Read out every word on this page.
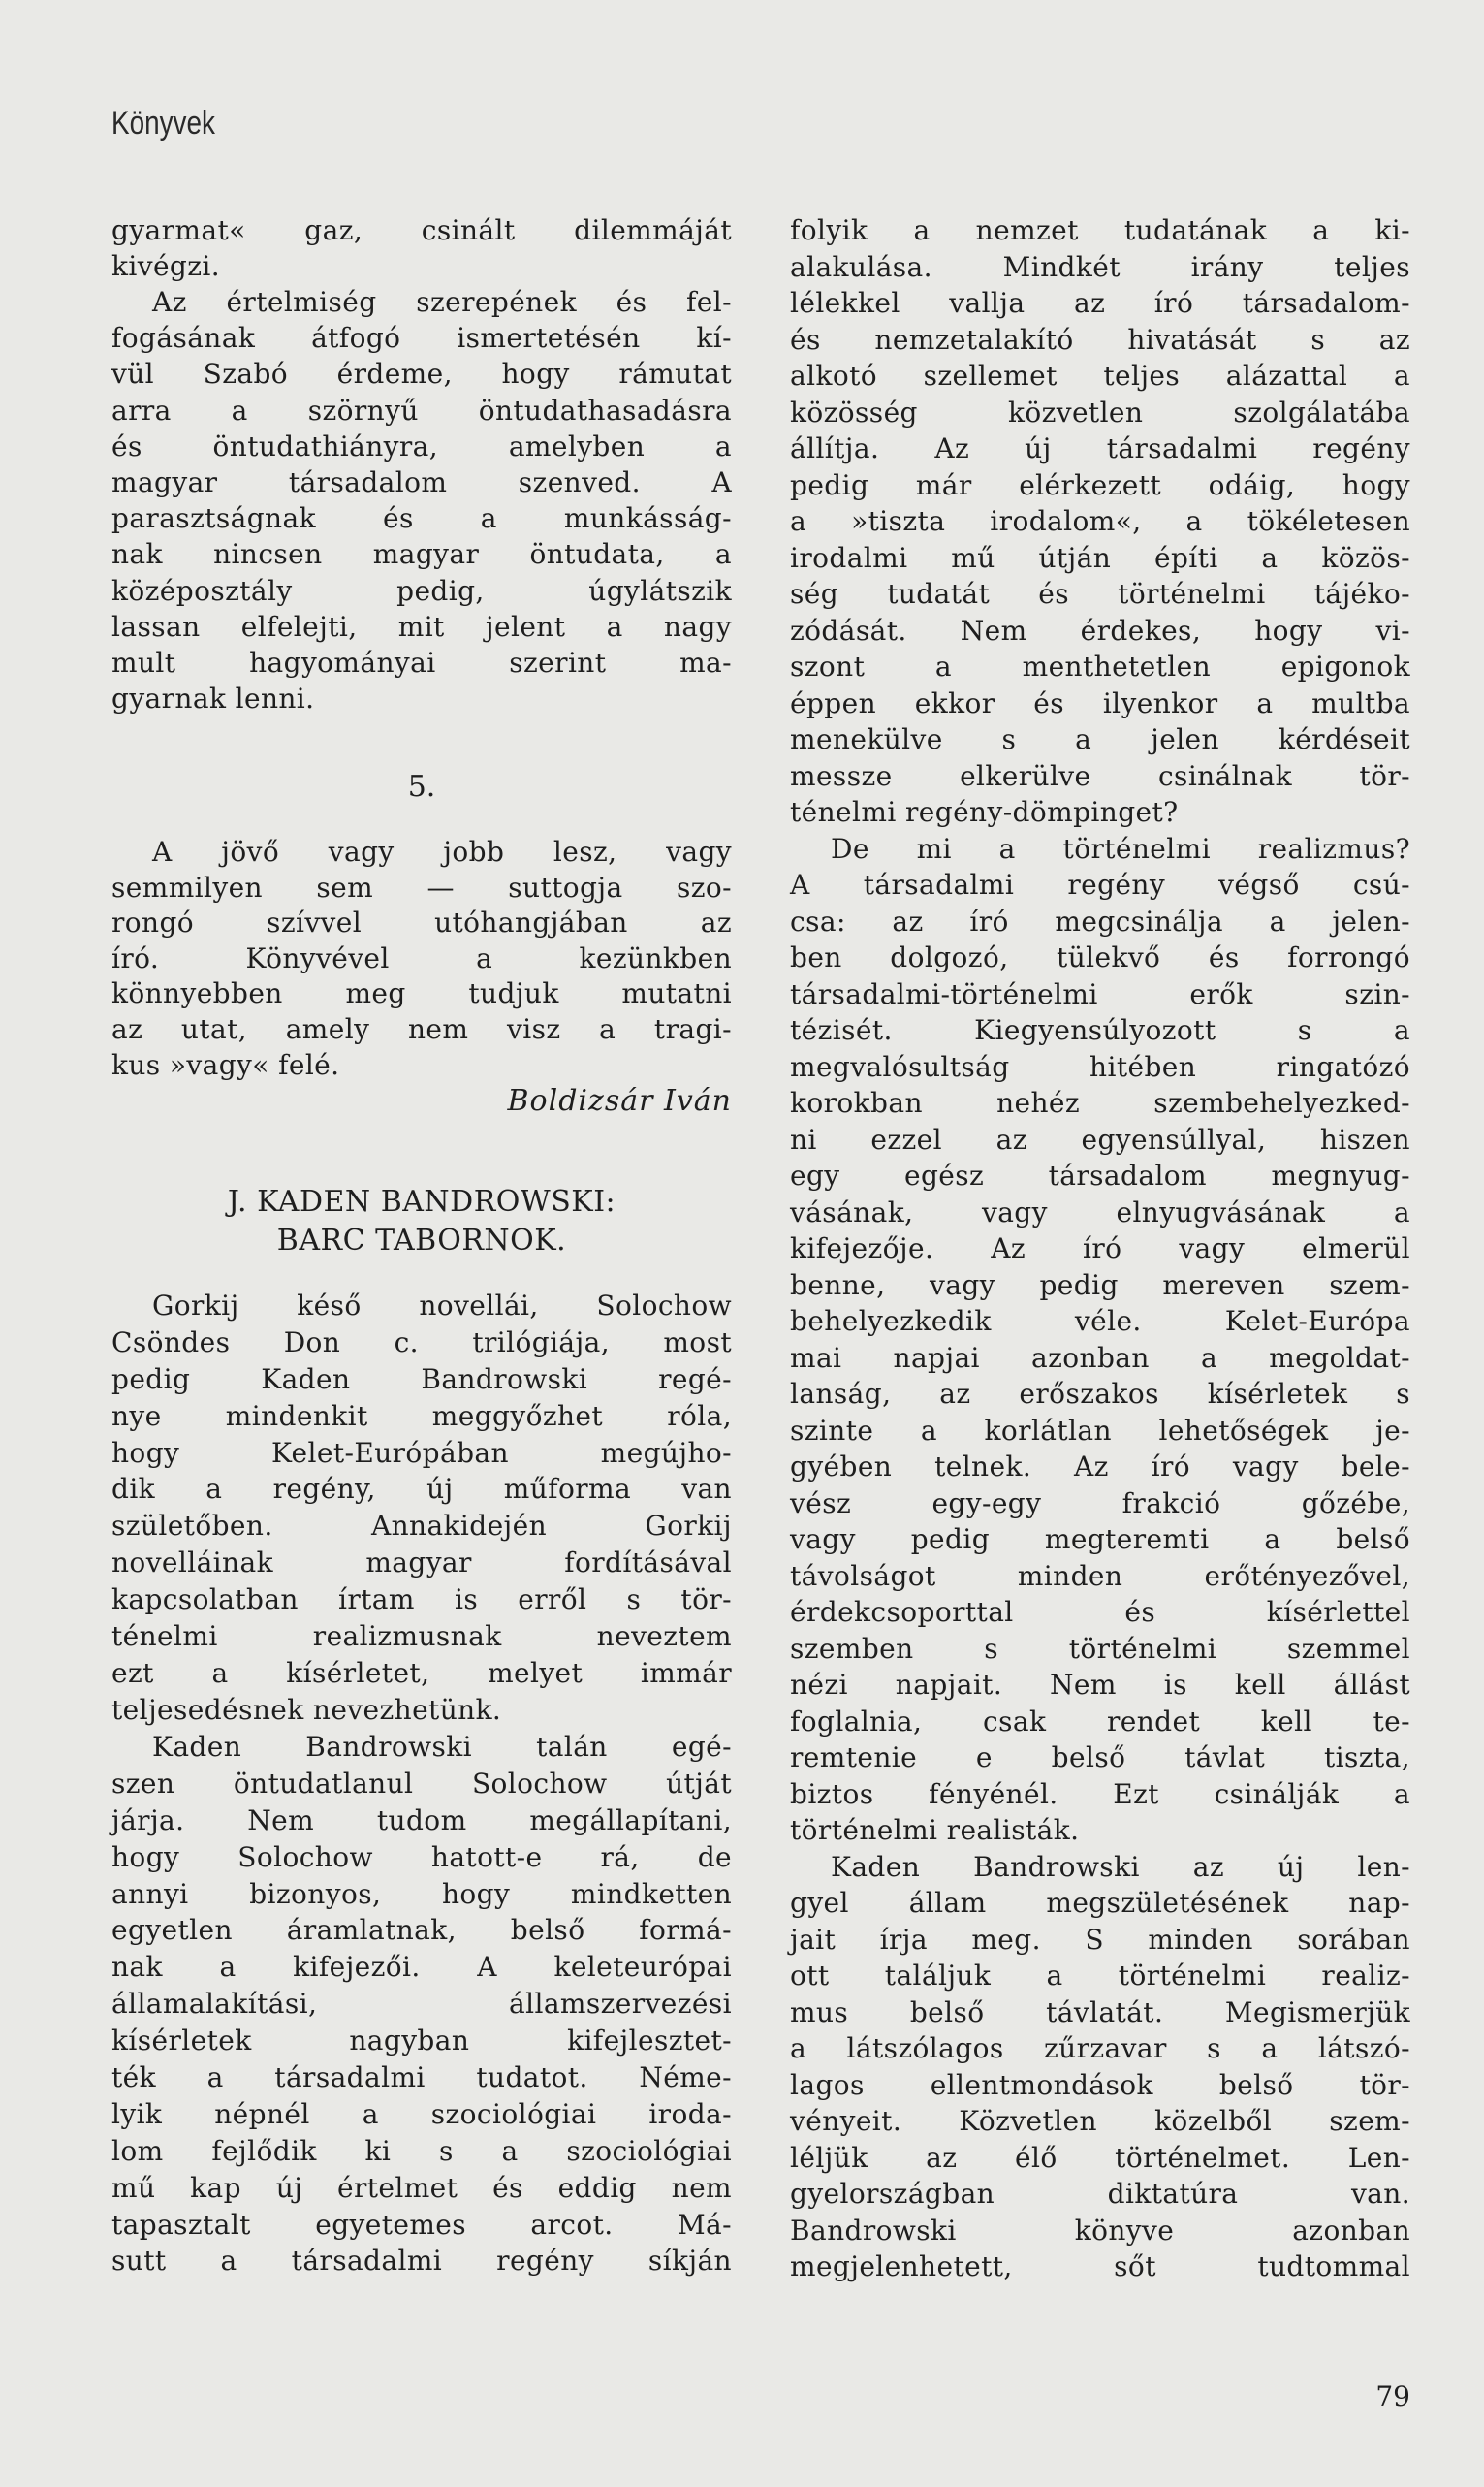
Könyvek
gyarmat« gaz, csinált dilemmáját
kivégzi.
Az értelmiség szerepének és fel-
fogásának átfogó ismertetésén kí-
vül Szabó érdeme, hogy rámutat
arra a szörnyű öntudathasadásra
és öntudathiányra, amelyben a
magyar társadalom szenved. A
parasztságnak és a munkásság-
nak nincsen magyar öntudata, a
középosztály pedig, úgylátszik
lassan elfelejti, mit jelent a nagy
mult hagyományai szerint ma-
gyarnak lenni.
5.
A jövő vagy jobb lesz, vagy
semmilyen sem — suttogja szo-
rongó szívvel utóhangjában az
író. Könyvével a kezünkben
könnyebben meg tudjuk mutatni
az utat, amely nem visz a tragi-
kus »vagy« felé.
Boldizsár Iván
J. KADEN BANDROWSKI:
BARC TABORNOK.
Gorkij késő novellái, Solochow
Csöndes Don c. trilógiája, most
pedig Kaden Bandrowski regé-
nye mindenkit meggyőzhet róla,
hogy Kelet-Európában megújho-
dik a regény, új műforma van
születőben. Annakidején Gorkij
novelláinak magyar fordításával
kapcsolatban írtam is erről s tör-
ténelmi realizmusnak neveztem
ezt a kísérletet, melyet immár
teljesedésnek nevezhetünk.
Kaden Bandrowski talán egé-
szen öntudatlanul Solochow útját
járja. Nem tudom megállapítani,
hogy Solochow hatott-e rá, de
annyi bizonyos, hogy mindketten
egyetlen áramlatnak, belső formá-
nak a kifejezői. A keleteurópai
államalakítási, államszervezési
kísérletek nagyban kifejlesztet-
ték a társadalmi tudatot. Néme-
lyik népnél a szociológiai iroda-
lom fejlődik ki s a szociológiai
mű kap új értelmet és eddig nem
tapasztalt egyetemes arcot. Má-
sutt a társadalmi regény síkján
folyik a nemzet tudatának a ki-
alakulása. Mindkét irány teljes
lélekkel vallja az író társadalom-
és nemzetalakító hivatását s az
alkotó szellemet teljes alázattal a
közösség közvetlen szolgálatába
állítja. Az új társadalmi regény
pedig már elérkezett odáig, hogy
a »tiszta irodalom«, a tökéletesen
irodalmi mű útján építi a közös-
ség tudatát és történelmi tájéko-
zódását. Nem érdekes, hogy vi-
szont a menthetetlen epigonok
éppen ekkor és ilyenkor a multba
menekülve s a jelen kérdéseit
messze elkerülve csinálnak tör-
ténelmi regény-dömpinget?
De mi a történelmi realizmus?
A társadalmi regény végső csú-
csa: az író megcsinálja a jelen-
ben dolgozó, tülekvő és forrongó
társadalmi-történelmi erők szin-
tézisét. Kiegyensúlyozott s a
megvalósultság hitében ringatózó
korokban nehéz szembehelyezked-
ni ezzel az egyensúllyal, hiszen
egy egész társadalom megnyug-
vásának, vagy elnyugvásának a
kifejezője. Az író vagy elmerül
benne, vagy pedig mereven szem-
behelyezkedik véle. Kelet-Európa
mai napjai azonban a megoldat-
lanság, az erőszakos kísérletek s
szinte a korlátlan lehetőségek je-
gyében telnek. Az író vagy bele-
vész egy-egy frakció gőzébe,
vagy pedig megteremti a belső
távolságot minden erőtényezővel,
érdekcsoporttal és kísérlettel
szemben s történelmi szemmel
nézi napjait. Nem is kell állást
foglalnia, csak rendet kell te-
remtenie e belső távlat tiszta,
biztos fényénél. Ezt csinálják a
történelmi realisták.
Kaden Bandrowski az új len-
gyel állam megszületésének nap-
jait írja meg. S minden sorában
ott találjuk a történelmi realiz-
mus belső távlatát. Megismerjük
a látszólagos zűrzavar s a látszó-
lagos ellentmondások belső tör-
vényeit. Közvetlen közelből szem-
léljük az élő történelmet. Len-
gyelországban diktatúra van.
Bandrowski könyve azonban
megjelenhetett, sőt tudtommal
79
